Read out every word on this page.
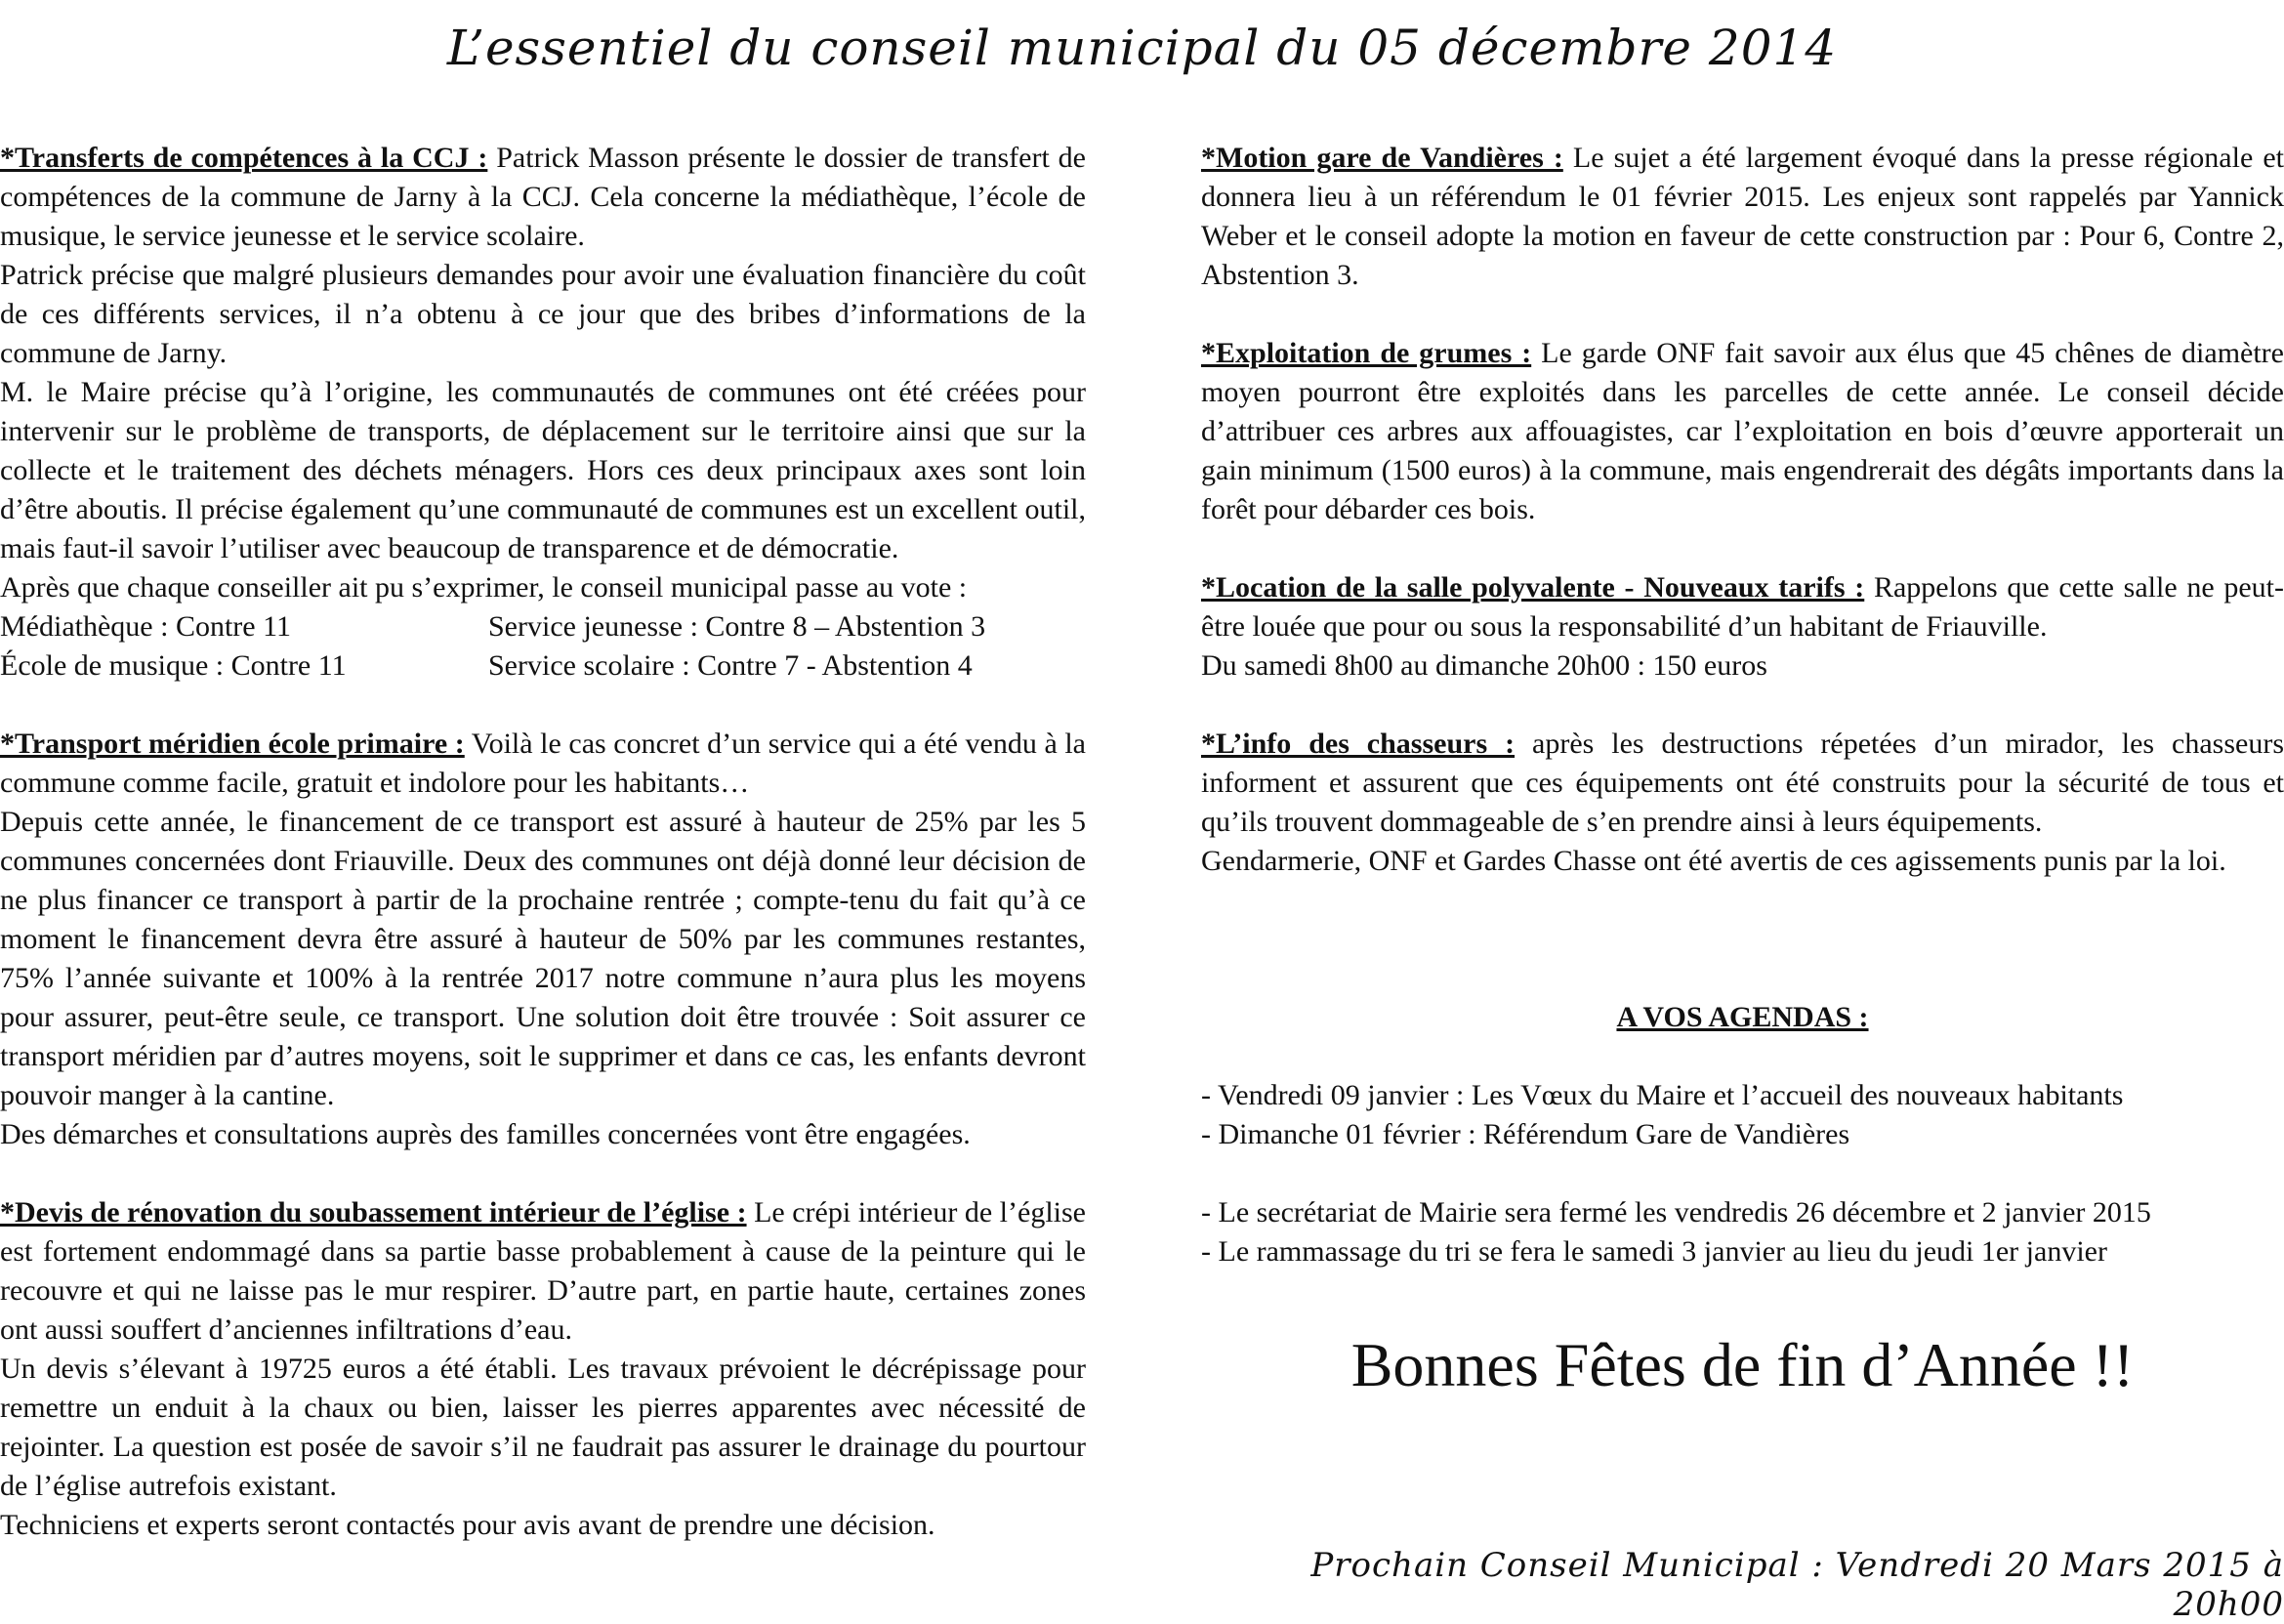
L’essentiel du conseil municipal du 05 décembre 2014

*Transferts de compétences à la CCJ : Patrick Masson présente le dossier de transfert de compétences de la commune de Jarny à la CCJ. Cela concerne la médiathèque, l’école de musique, le service jeunesse et le service scolaire.

Patrick précise que malgré plusieurs demandes pour avoir une évaluation financière du coût de ces différents services, il n’a obtenu à ce jour que des bribes d’informations de la commune de Jarny.

M. le Maire précise qu’à l’origine, les communautés de communes ont été créées pour intervenir sur le problème de transports, de déplacement sur le territoire ainsi que sur la collecte et le traitement des déchets ménagers. Hors ces deux principaux axes sont loin d’être aboutis. Il précise également qu’une communauté de communes est un excellent outil, mais faut-il savoir l’utiliser avec beaucoup de transparence et de démocratie.

Après que chaque conseiller ait pu s’exprimer, le conseil municipal passe au vote :

Médiathèque : Contre 11	Service jeunesse : Contre 8 – Abstention 3
École de musique : Contre 11	Service scolaire : Contre 7 - Abstention 4

*Transport méridien école primaire : Voilà le cas concret d’un service qui a été vendu à la commune comme facile, gratuit et indolore pour les habitants…

Depuis cette année, le financement de ce transport est assuré à hauteur de 25% par les 5 communes concernées dont Friauville. Deux des communes ont déjà donné leur décision de ne plus financer ce transport à partir de la prochaine rentrée ; compte-tenu du fait qu’à ce moment le financement devra être assuré à hauteur de 50% par les communes restantes, 75% l’année suivante et 100% à la rentrée 2017 notre commune n’aura plus les moyens pour assurer, peut-être seule, ce transport. Une solution doit être trouvée : Soit assurer ce transport méridien par d’autres moyens, soit le supprimer et dans ce cas, les enfants devront pouvoir manger à la cantine.

Des démarches et consultations auprès des familles concernées vont être engagées.

*Devis de rénovation du soubassement intérieur de l’église : Le crépi intérieur de l’église est fortement endommagé dans sa partie basse probablement à cause de la peinture qui le recouvre et qui ne laisse pas le mur respirer. D’autre part, en partie haute, certaines zones ont aussi souffert d’anciennes infiltrations d’eau.

Un devis s’élevant à 19725 euros a été établi. Les travaux prévoient le décrépissage pour remettre un enduit à la chaux ou bien, laisser les pierres apparentes avec nécessité de rejointer. La question est posée de savoir s’il ne faudrait pas assurer le drainage du pourtour de l’église autrefois existant.

Techniciens et experts seront contactés pour avis avant de prendre une décision.

*Motion gare de Vandières : Le sujet a été largement évoqué dans la presse régionale et donnera lieu à un référendum le 01 février 2015. Les enjeux sont rappelés par Yannick Weber et le conseil adopte la motion en faveur de cette construction par : Pour 6, Contre 2, Abstention 3.

*Exploitation de grumes : Le garde ONF fait savoir aux élus que 45 chênes de diamètre moyen pourront être exploités dans les parcelles de cette année. Le conseil décide d’attribuer ces arbres aux affouagistes, car l’exploitation en bois d’œuvre apporterait un gain minimum (1500 euros) à la commune, mais engendrerait des dégâts importants dans la forêt pour débarder ces bois.

*Location de la salle polyvalente - Nouveaux tarifs : Rappelons que cette salle ne peut-être louée que pour ou sous la responsabilité d’un habitant de Friauville.

Du samedi 8h00 au dimanche 20h00 : 150 euros

*L’info des chasseurs : après les destructions répetées d’un mirador, les chasseurs informent et assurent que ces équipements ont été construits pour la sécurité de tous et qu’ils trouvent dommageable de s’en prendre ainsi à leurs équipements.

Gendarmerie, ONF et Gardes Chasse ont été avertis de ces agissements punis par la loi.

A VOS AGENDAS :

- Vendredi 09 janvier : Les Vœux du Maire et l’accueil des nouveaux habitants

- Dimanche 01 février : Référendum Gare de Vandières

- Le secrétariat de Mairie sera fermé les vendredis 26 décembre et 2 janvier 2015

- Le rammassage du tri se fera le samedi 3 janvier au lieu du jeudi 1er janvier

Bonnes Fêtes de fin d’Année !!

Prochain Conseil Municipal : Vendredi 20 Mars 2015 à 20h00
